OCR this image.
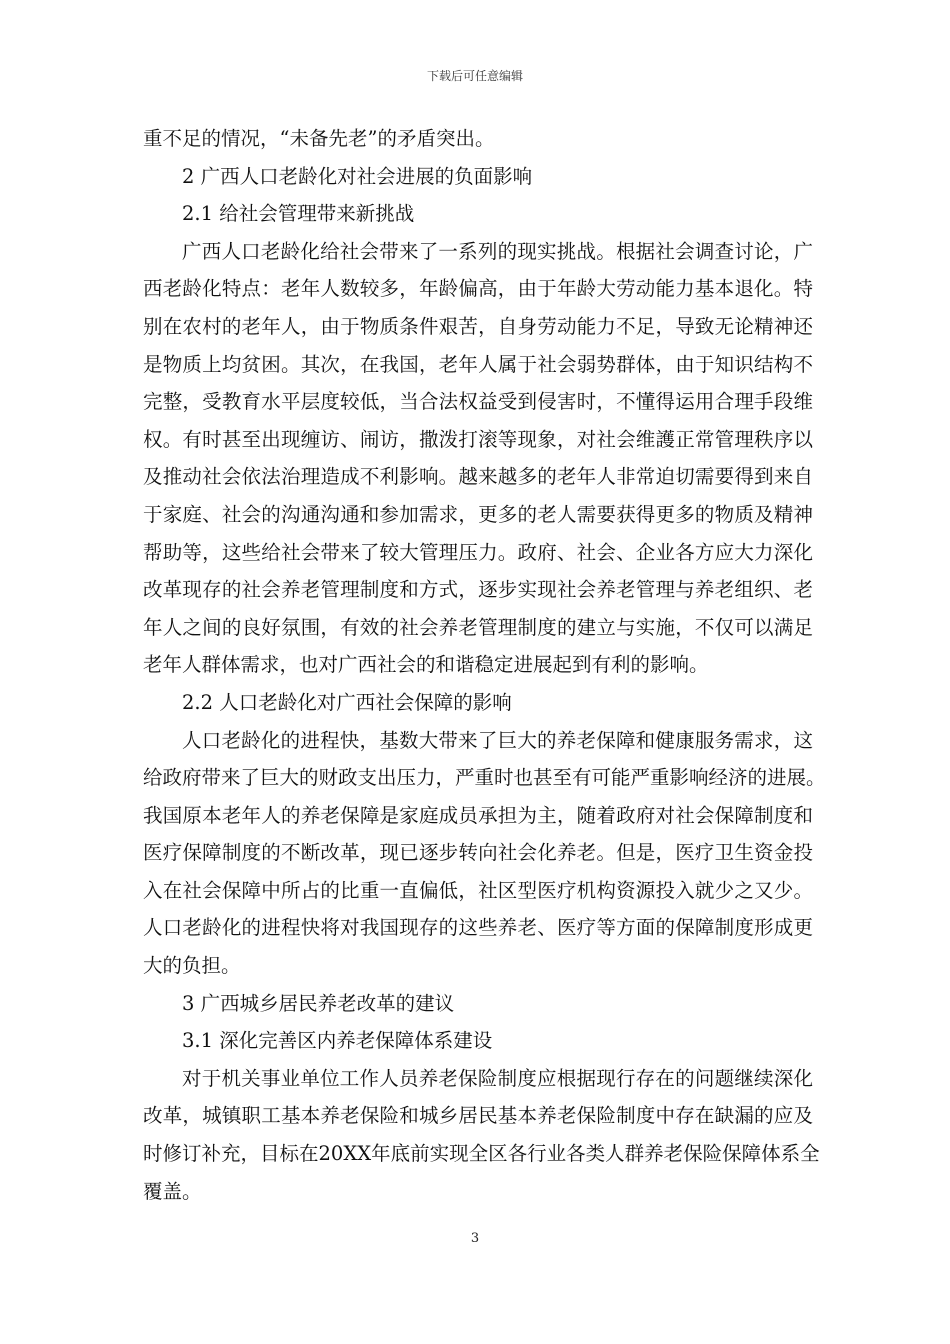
下载后可任意编辑
重不足的情况，“未备先老”的矛盾突出。
2 广西人口老龄化对社会进展的负面影响
2.1 给社会管理带来新挑战
广西人口老龄化给社会带来了一系列的现实挑战。根据社会调查讨论，广
西老龄化特点：老年人数较多，年龄偏高，由于年龄大劳动能力基本退化。特
别在农村的老年人，由于物质条件艰苦，自身劳动能力不足，导致无论精神还
是物质上均贫困。其次，在我国，老年人属于社会弱势群体，由于知识结构不
完整，受教育水平层度较低，当合法权益受到侵害时，不懂得运用合理手段维
权。有时甚至出现缠访、闹访，撒泼打滚等现象，对社会维護正常管理秩序以
及推动社会依法治理造成不利影响。越来越多的老年人非常迫切需要得到来自
于家庭、社会的沟通沟通和参加需求，更多的老人需要获得更多的物质及精神
帮助等，这些给社会带来了较大管理压力。政府、社会、企业各方应大力深化
改革现存的社会养老管理制度和方式，逐步实现社会养老管理与养老组织、老
年人之间的良好氛围，有效的社会养老管理制度的建立与实施，不仅可以满足
老年人群体需求，也对广西社会的和谐稳定进展起到有利的影响。
2.2 人口老龄化对广西社会保障的影响
人口老龄化的进程快，基数大带来了巨大的养老保障和健康服务需求，这
给政府带来了巨大的财政支出压力，严重时也甚至有可能严重影响经济的进展。
我国原本老年人的养老保障是家庭成员承担为主，随着政府对社会保障制度和
医疗保障制度的不断改革，现已逐步转向社会化养老。但是，医疗卫生资金投
入在社会保障中所占的比重一直偏低，社区型医疗机构资源投入就少之又少。
人口老龄化的进程快将对我国现存的这些养老、医疗等方面的保障制度形成更
大的负担。
3 广西城乡居民养老改革的建议
3.1 深化完善区内养老保障体系建设
对于机关事业单位工作人员养老保险制度应根据现行存在的问题继续深化
改革，城镇职工基本养老保险和城乡居民基本养老保险制度中存在缺漏的应及
时修订补充，目标在20XX年底前实现全区各行业各类人群养老保险保障体系全
覆盖。
3
